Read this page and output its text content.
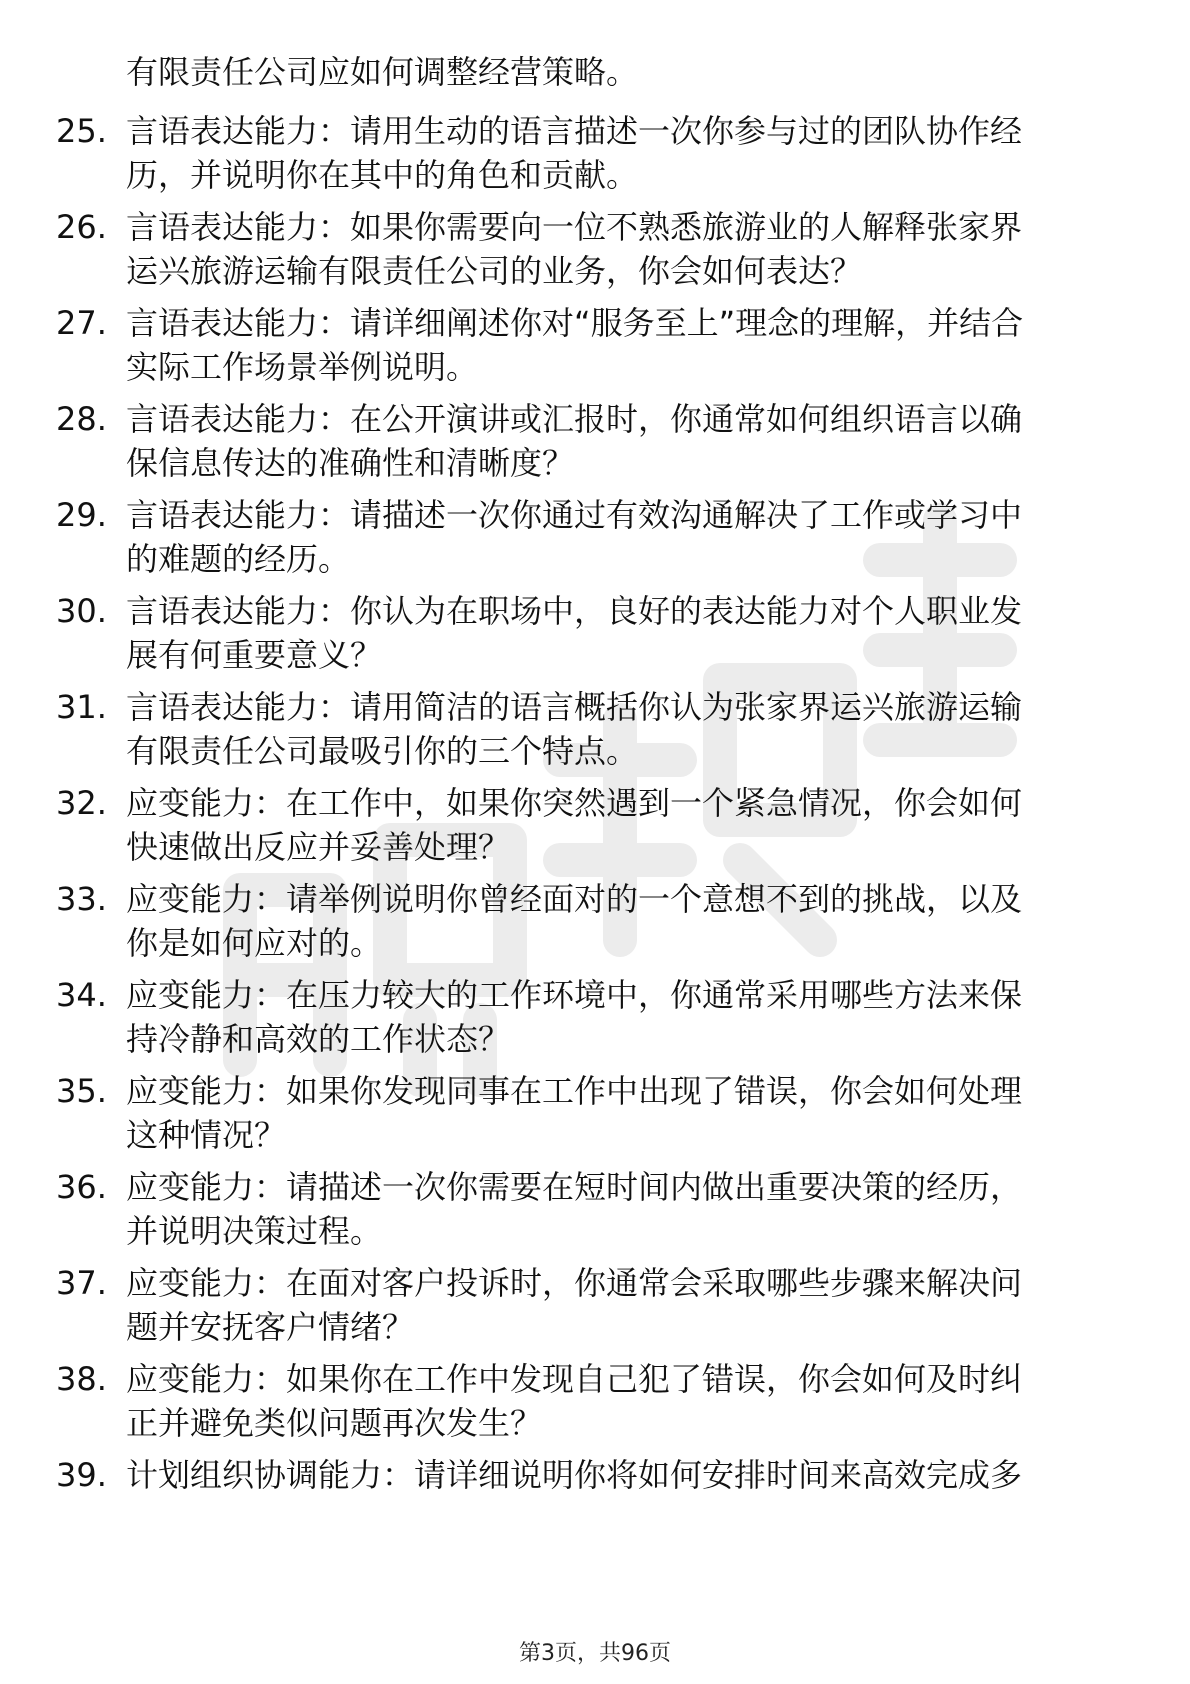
有限责任公司应如何调整经营策略。
25. 言语表达能力：请用生动的语言描述一次你参与过的团队协作经
历，并说明你在其中的角色和贡献。
26. 言语表达能力：如果你需要向一位不熟悉旅游业的人解释张家界
运兴旅游运输有限责任公司的业务，你会如何表达？
27. 言语表达能力：请详细阐述你对“服务至上”理念的理解，并结合
实际工作场景举例说明。
28. 言语表达能力：在公开演讲或汇报时，你通常如何组织语言以确
保信息传达的准确性和清晰度？
29. 言语表达能力：请描述一次你通过有效沟通解决了工作或学习中
的难题的经历。
30. 言语表达能力：你认为在职场中，良好的表达能力对个人职业发
展有何重要意义？
31. 言语表达能力：请用简洁的语言概括你认为张家界运兴旅游运输
有限责任公司最吸引你的三个特点。
32. 应变能力：在工作中，如果你突然遇到一个紧急情况，你会如何
快速做出反应并妥善处理？
33. 应变能力：请举例说明你曾经面对的一个意想不到的挑战，以及
你是如何应对的。
34. 应变能力：在压力较大的工作环境中，你通常采用哪些方法来保
持冷静和高效的工作状态？
35. 应变能力：如果你发现同事在工作中出现了错误，你会如何处理
这种情况？
36. 应变能力：请描述一次你需要在短时间内做出重要决策的经历，
并说明决策过程。
37. 应变能力：在面对客户投诉时，你通常会采取哪些步骤来解决问
题并安抚客户情绪？
38. 应变能力：如果你在工作中发现自己犯了错误，你会如何及时纠
正并避免类似问题再次发生？
39. 计划组织协调能力：请详细说明你将如何安排时间来高效完成多
第3页，共96页
